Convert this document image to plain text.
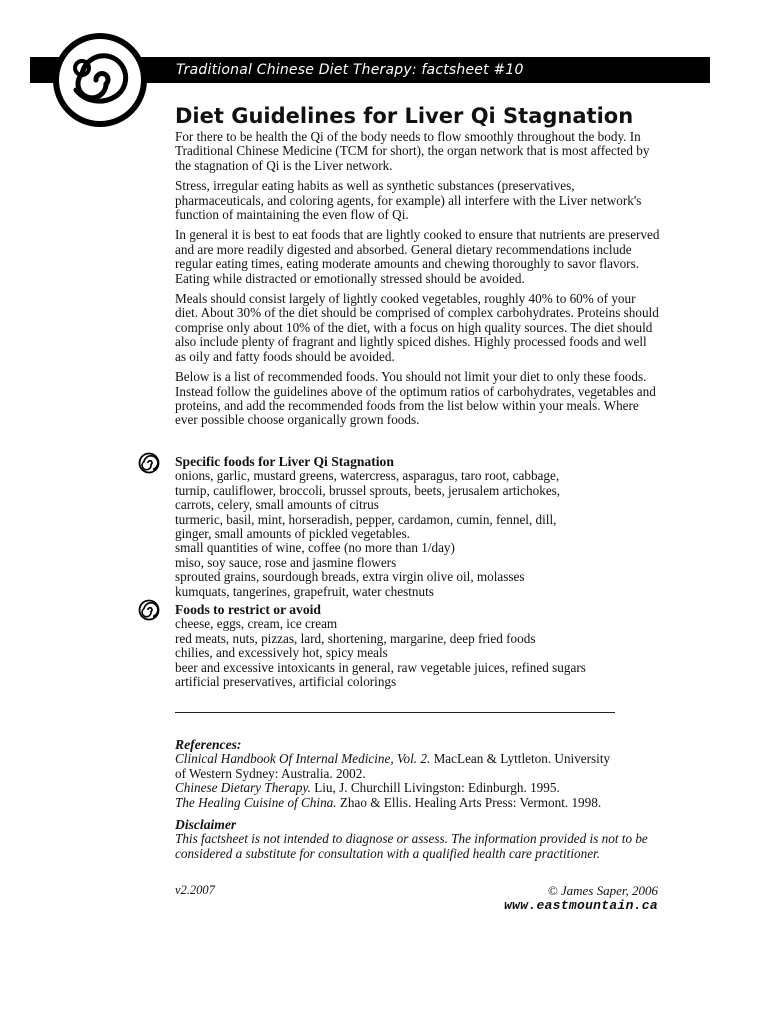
Traditional Chinese Diet Therapy: factsheet #10
Diet Guidelines for Liver Qi Stagnation

For there to be health the Qi of the body needs to flow smoothly throughout the body. In Traditional Chinese Medicine (TCM for short), the organ network that is most affected by the stagnation of Qi is the Liver network.

Stress, irregular eating habits as well as synthetic substances (preservatives, pharmaceuticals, and coloring agents, for example) all interfere with the Liver network's function of maintaining the even flow of Qi.

In general it is best to eat foods that are lightly cooked to ensure that nutrients are preserved and are more readily digested and absorbed. General dietary recommendations include regular eating times, eating moderate amounts and chewing thoroughly to savor flavors. Eating while distracted or emotionally stressed should be avoided.

Meals should consist largely of lightly cooked vegetables, roughly 40% to 60% of your diet. About 30% of the diet should be comprised of complex carbohydrates. Proteins should comprise only about 10% of the diet, with a focus on high quality sources. The diet should also include plenty of fragrant and lightly spiced dishes. Highly processed foods and well as oily and fatty foods should be avoided.

Below is a list of recommended foods. You should not limit your diet to only these foods. Instead follow the guidelines above of the optimum ratios of carbohydrates, vegetables and proteins, and add the recommended foods from the list below within your meals. Where ever possible choose organically grown foods.

Specific foods for Liver Qi Stagnation
onions, garlic, mustard greens, watercress, asparagus, taro root, cabbage,
turnip, cauliflower, broccoli, brussel sprouts, beets, jerusalem artichokes,
carrots, celery, small amounts of citrus
turmeric, basil, mint, horseradish, pepper, cardamon, cumin, fennel, dill,
ginger, small amounts of pickled vegetables.
small quantities of wine, coffee (no more than 1/day)
miso, soy sauce, rose and jasmine flowers
sprouted grains, sourdough breads, extra virgin olive oil, molasses
kumquats, tangerines, grapefruit, water chestnuts
Foods to restrict or avoid
cheese, eggs, cream, ice cream
red meats, nuts, pizzas, lard, shortening, margarine, deep fried foods
chilies, and excessively hot, spicy meals
beer and excessive intoxicants in general, raw vegetable juices, refined sugars
artificial preservatives, artificial colorings
References:
Clinical Handbook Of Internal Medicine, Vol. 2. MacLean & Lyttleton. University
of Western Sydney: Australia. 2002.
Chinese Dietary Therapy. Liu, J. Churchill Livingston: Edinburgh. 1995.
The Healing Cuisine of China. Zhao & Ellis. Healing Arts Press: Vermont. 1998.
Disclaimer
This factsheet is not intended to diagnose or assess. The information provided is not to be considered a substitute for consultation with a qualified health care practitioner.
v2.2007	© James Saper, 2006
www.eastmountain.ca
